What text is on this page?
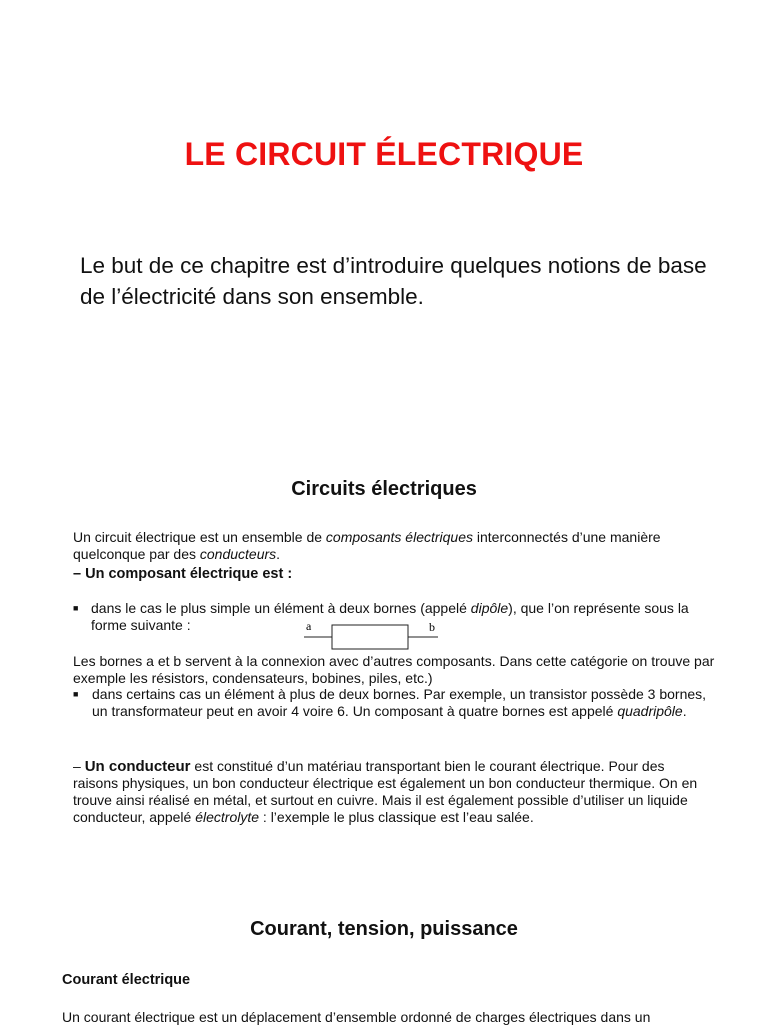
LE CIRCUIT ÉLECTRIQUE
Le but de ce chapitre est d’introduire quelques notions de base de l’électricité dans son ensemble.
Circuits électriques
Un circuit électrique est un ensemble de composants électriques interconnectés d’une manière quelconque par des conducteurs.
– Un composant électrique est :
■ dans le cas le plus simple un élément à deux bornes (appelé dipôle), que l’on représente sous la forme suivante :	a	b
Les bornes a et b servent à la connexion avec d’autres composants. Dans cette catégorie on trouve par exemple les résistors, condensateurs, bobines, piles, etc.)
■ dans certains cas un élément à plus de deux bornes. Par exemple, un transistor possède 3 bornes, un transformateur peut en avoir 4 voire 6. Un composant à quatre bornes est appelé quadripôle.
– Un conducteur est constitué d’un matériau transportant bien le courant électrique. Pour des raisons physiques, un bon conducteur électrique est également un bon conducteur thermique. On en trouve ainsi réalisé en métal, et surtout en cuivre. Mais il est également possible d’utiliser un liquide conducteur, appelé électrolyte : l’exemple le plus classique est l’eau salée.
Courant, tension, puissance
Courant électrique
Un courant électrique est un déplacement d’ensemble ordonné de charges électriques dans un
